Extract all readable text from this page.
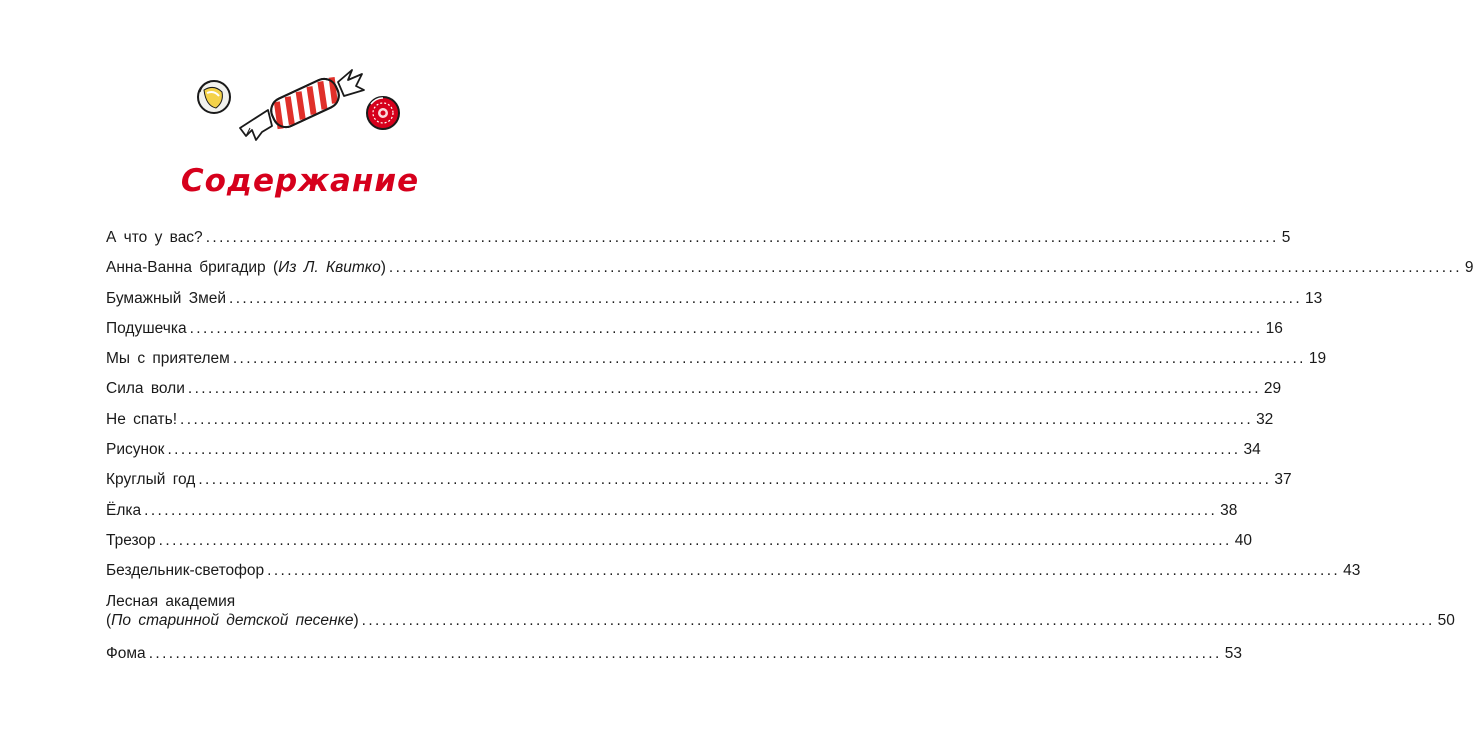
Содержание
А что у вас? .....	5
Анна-Ванна бригадир (Из Л. Квитко) .....	9
Бумажный Змей .....	13
Подушечка .....	16
Мы с приятелем .....	19
Сила воли .....	29
Не спать! .....	32
Рисунок .....	34
Круглый год .....	37
Ёлка .....	38
Трезор .....	40
Бездельник-светофор .....	43
Лесная академия
(По старинной детской песенке) .....	50
Фома .....	53
